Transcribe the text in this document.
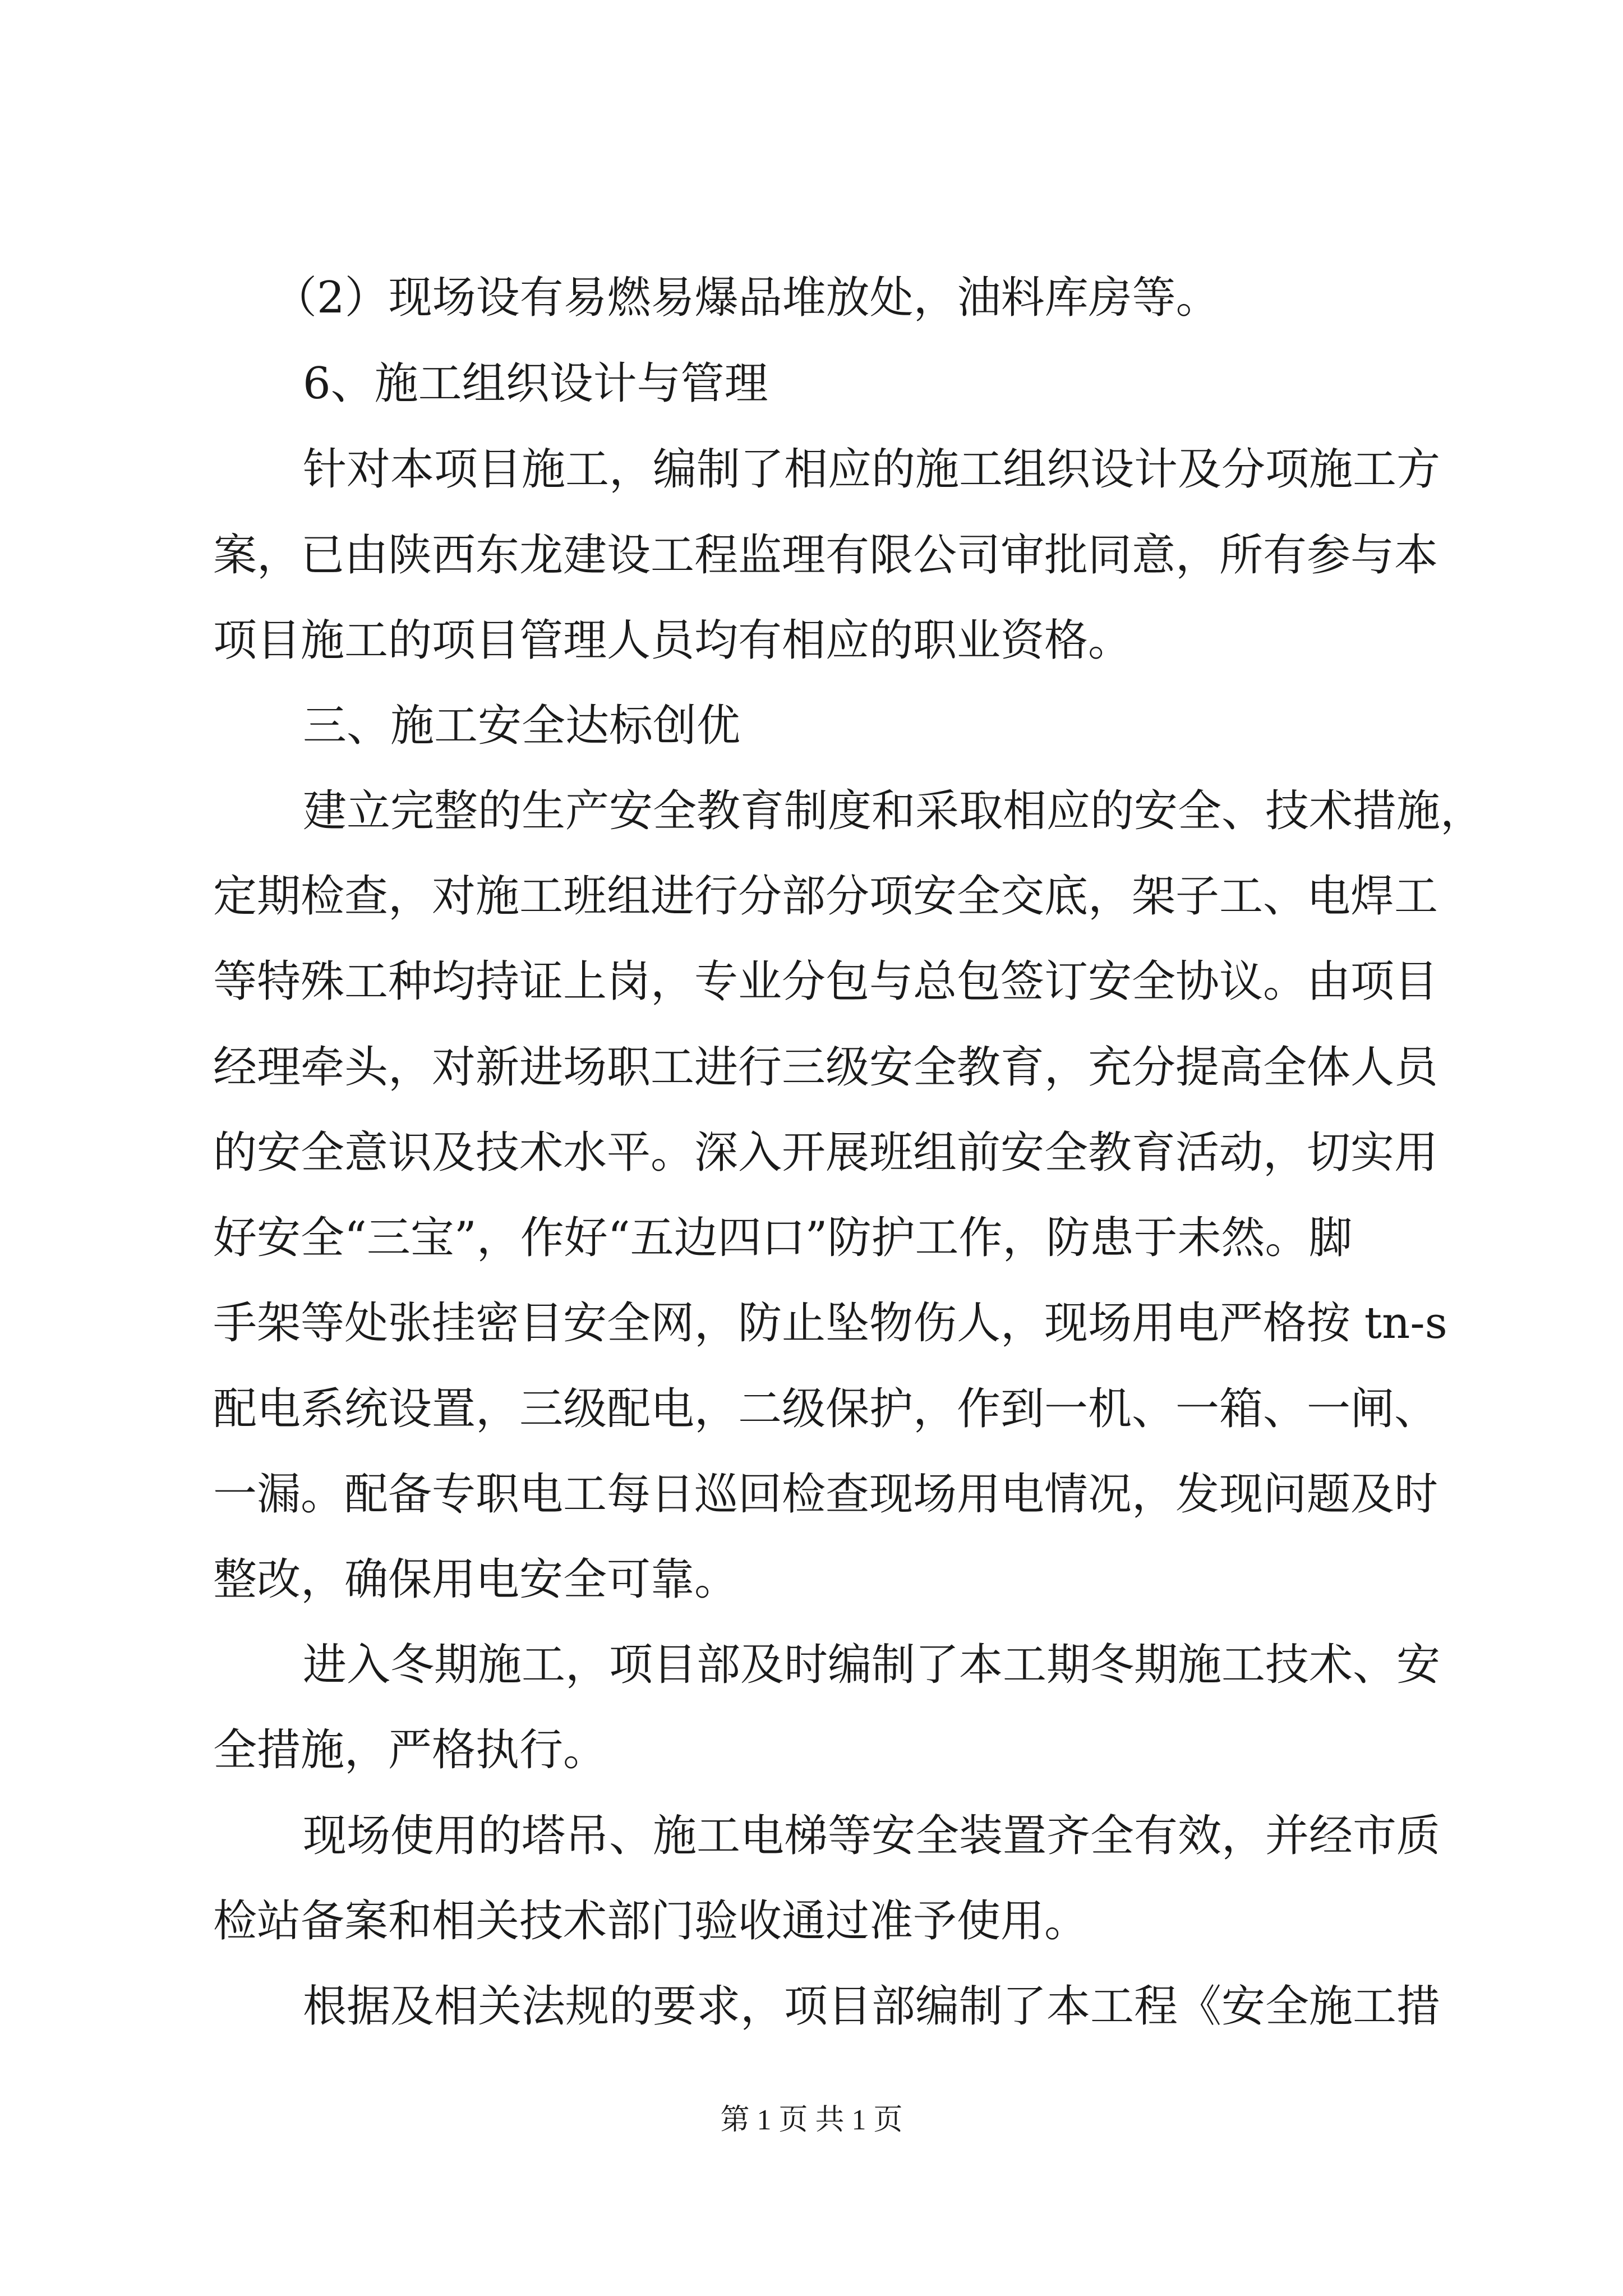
（2）现场设有易燃易爆品堆放处，油料库房等。

6、施工组织设计与管理

针对本项目施工，编制了相应的施工组织设计及分项施工方

案，已由陕西东龙建设工程监理有限公司审批同意，所有参与本

项目施工的项目管理人员均有相应的职业资格。

三、施工安全达标创优

建立完整的生产安全教育制度和采取相应的安全、技术措施，

定期检查，对施工班组进行分部分项安全交底，架子工、电焊工

等特殊工种均持证上岗，专业分包与总包签订安全协议。由项目

经理牵头，对新进场职工进行三级安全教育，充分提高全体人员

的安全意识及技术水平。深入开展班组前安全教育活动，切实用

好安全“三宝”，作好“五边四口”防护工作，防患于未然。脚

手架等处张挂密目安全网，防止坠物伤人，现场用电严格按 tn-s

配电系统设置，三级配电，二级保护，作到一机、一箱、一闸、

一漏。配备专职电工每日巡回检查现场用电情况，发现问题及时

整改，确保用电安全可靠。

进入冬期施工，项目部及时编制了本工期冬期施工技术、安

全措施，严格执行。

现场使用的塔吊、施工电梯等安全装置齐全有效，并经市质

检站备案和相关技术部门验收通过准予使用。

根据及相关法规的要求，项目部编制了本工程《安全施工措

第 1 页 共 1 页
